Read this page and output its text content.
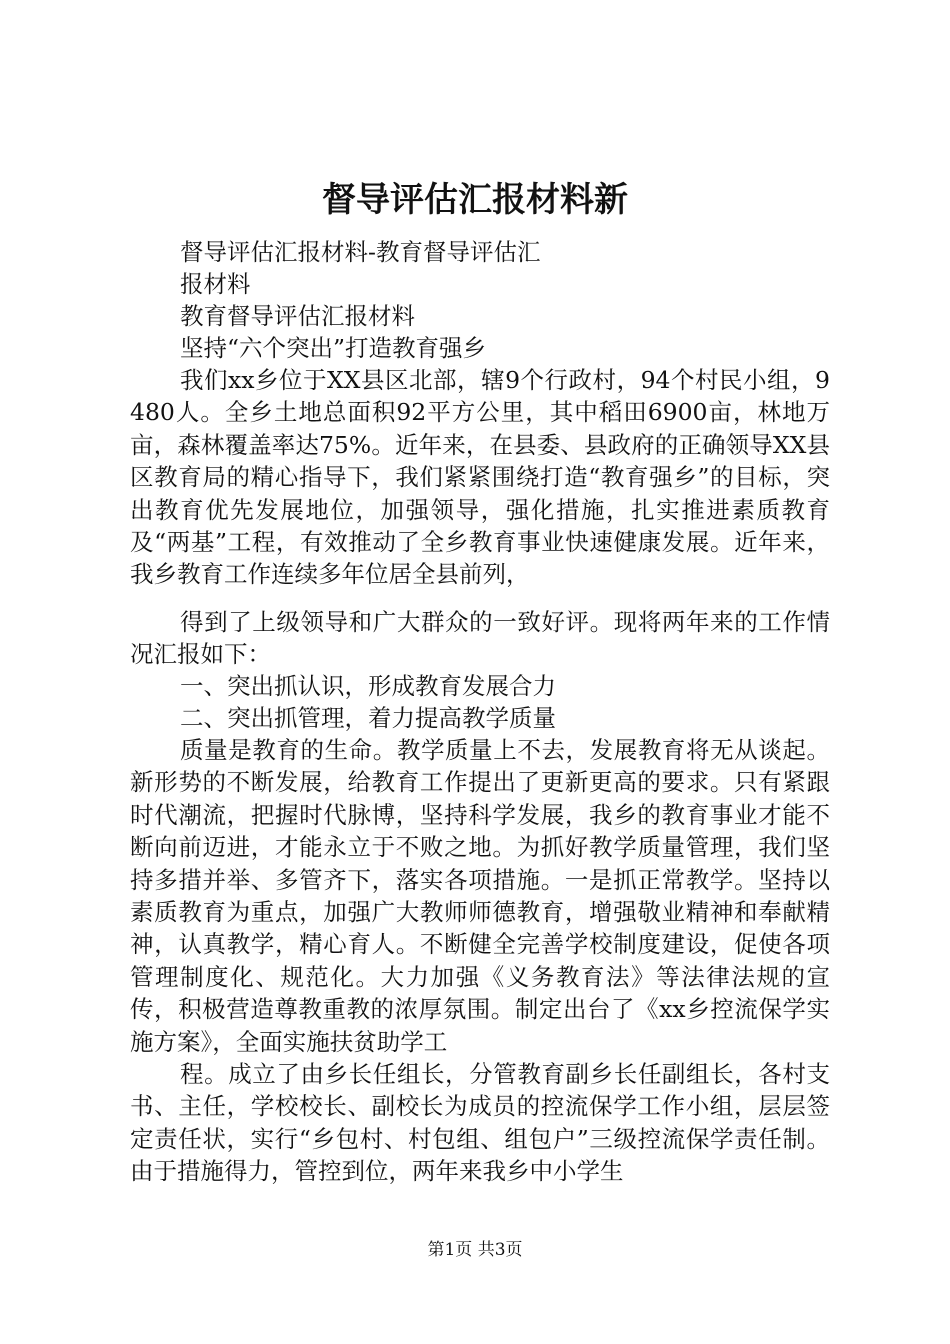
督导评估汇报材料新

督导评估汇报材料-教育督导评估汇

报材料

教育督导评估汇报材料

坚持“六个突出”打造教育强乡

我们xx乡位于XX县区北部，辖9个行政村，94个村民小组，9480人。全乡土地总面积92平方公里，其中稻田6900亩，林地万亩，森林覆盖率达75%。近年来，在县委、县政府的正确领导XX县区教育局的精心指导下，我们紧紧围绕打造“教育强乡”的目标，突出教育优先发展地位，加强领导，强化措施，扎实推进素质教育及“两基”工程，有效推动了全乡教育事业快速健康发展。近年来，我乡教育工作连续多年位居全县前列，

得到了上级领导和广大群众的一致好评。现将两年来的工作情况汇报如下：

一、突出抓认识，形成教育发展合力

二、突出抓管理，着力提高教学质量

质量是教育的生命。教学质量上不去，发展教育将无从谈起。新形势的不断发展，给教育工作提出了更新更高的要求。只有紧跟时代潮流，把握时代脉博，坚持科学发展，我乡的教育事业才能不断向前迈进，才能永立于不败之地。为抓好教学质量管理，我们坚持多措并举、多管齐下，落实各项措施。一是抓正常教学。坚持以素质教育为重点，加强广大教师师德教育，增强敬业精神和奉献精神，认真教学，精心育人。不断健全完善学校制度建设，促使各项管理制度化、规范化。大力加强《义务教育法》等法律法规的宣传，积极营造尊教重教的浓厚氛围。制定出台了《xx乡控流保学实施方案》，全面实施扶贫助学工

程。成立了由乡长任组长，分管教育副乡长任副组长，各村支书、主任，学校校长、副校长为成员的控流保学工作小组，层层签定责任状，实行“乡包村、村包组、组包户”三级控流保学责任制。由于措施得力，管控到位，两年来我乡中小学生

第1页 共3页
